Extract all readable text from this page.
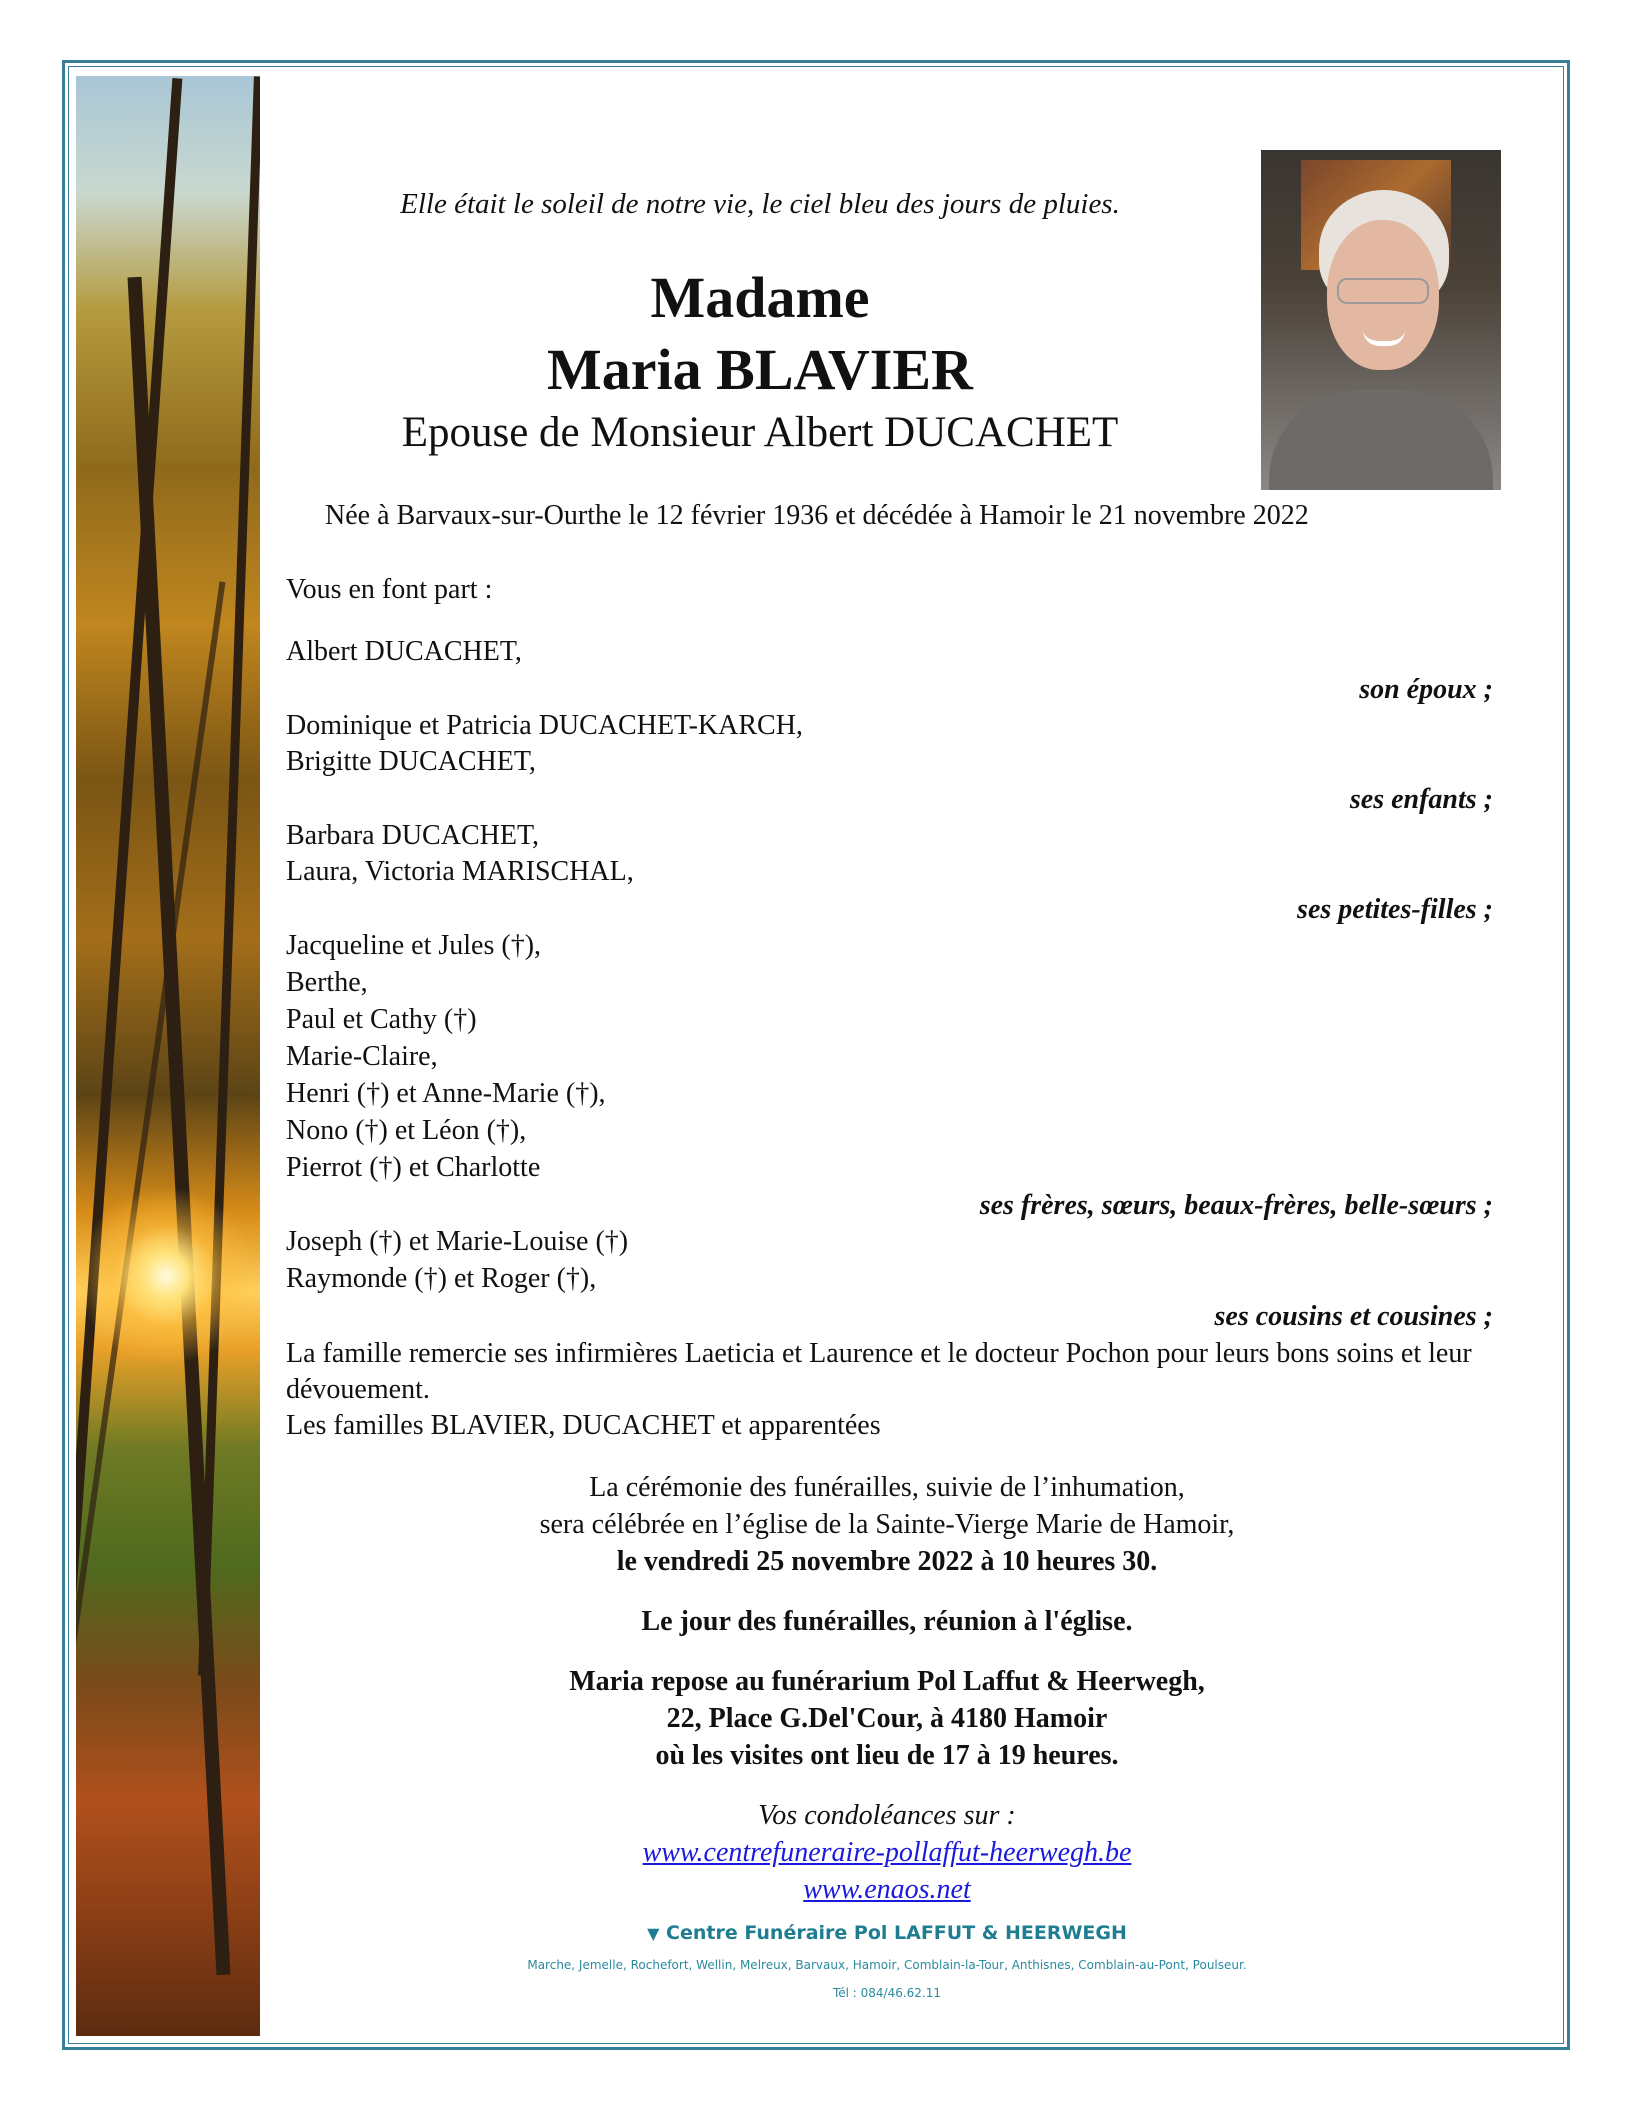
Elle était le soleil de notre vie, le ciel bleu des jours de pluies.
Madame
Maria BLAVIER
Epouse de Monsieur Albert DUCACHET
Née à Barvaux-sur-Ourthe le 12 février 1936 et décédée à Hamoir le 21 novembre 2022
Vous en font part :
Albert DUCACHET,
son époux ;
Dominique et Patricia DUCACHET-KARCH,
Brigitte DUCACHET,
ses enfants ;
Barbara DUCACHET,
Laura, Victoria MARISCHAL,
ses petites-filles ;
Jacqueline et Jules (†),
Berthe,
Paul et Cathy (†)
Marie-Claire,
Henri (†) et Anne-Marie (†),
Nono (†) et Léon (†),
Pierrot (†) et Charlotte
ses frères, sœurs, beaux-frères, belle-sœurs ;
Joseph (†) et Marie-Louise (†)
Raymonde (†) et Roger (†),
ses cousins et cousines ;
La famille remercie ses infirmières Laeticia et Laurence et le docteur Pochon pour leurs bons soins et leur dévouement.
Les familles BLAVIER, DUCACHET et apparentées
La cérémonie des funérailles, suivie de l’inhumation,
sera célébrée en l’église de la Sainte-Vierge Marie de Hamoir,
le vendredi 25 novembre 2022 à 10 heures 30.
Le jour des funérailles, réunion à l'église.
Maria repose au funérarium Pol Laffut & Heerwegh,
22, Place G.Del'Cour, à 4180 Hamoir
où les visites ont lieu de 17 à 19 heures.
Vos condoléances sur :
www.centrefuneraire-pollaffut-heerwegh.be
www.enaos.net
▼ Centre Funéraire Pol LAFFUT & HEERWEGH
Marche, Jemelle, Rochefort, Wellin, Melreux, Barvaux, Hamoir, Comblain-la-Tour, Anthisnes, Comblain-au-Pont, Poulseur.
Tél : 084/46.62.11
